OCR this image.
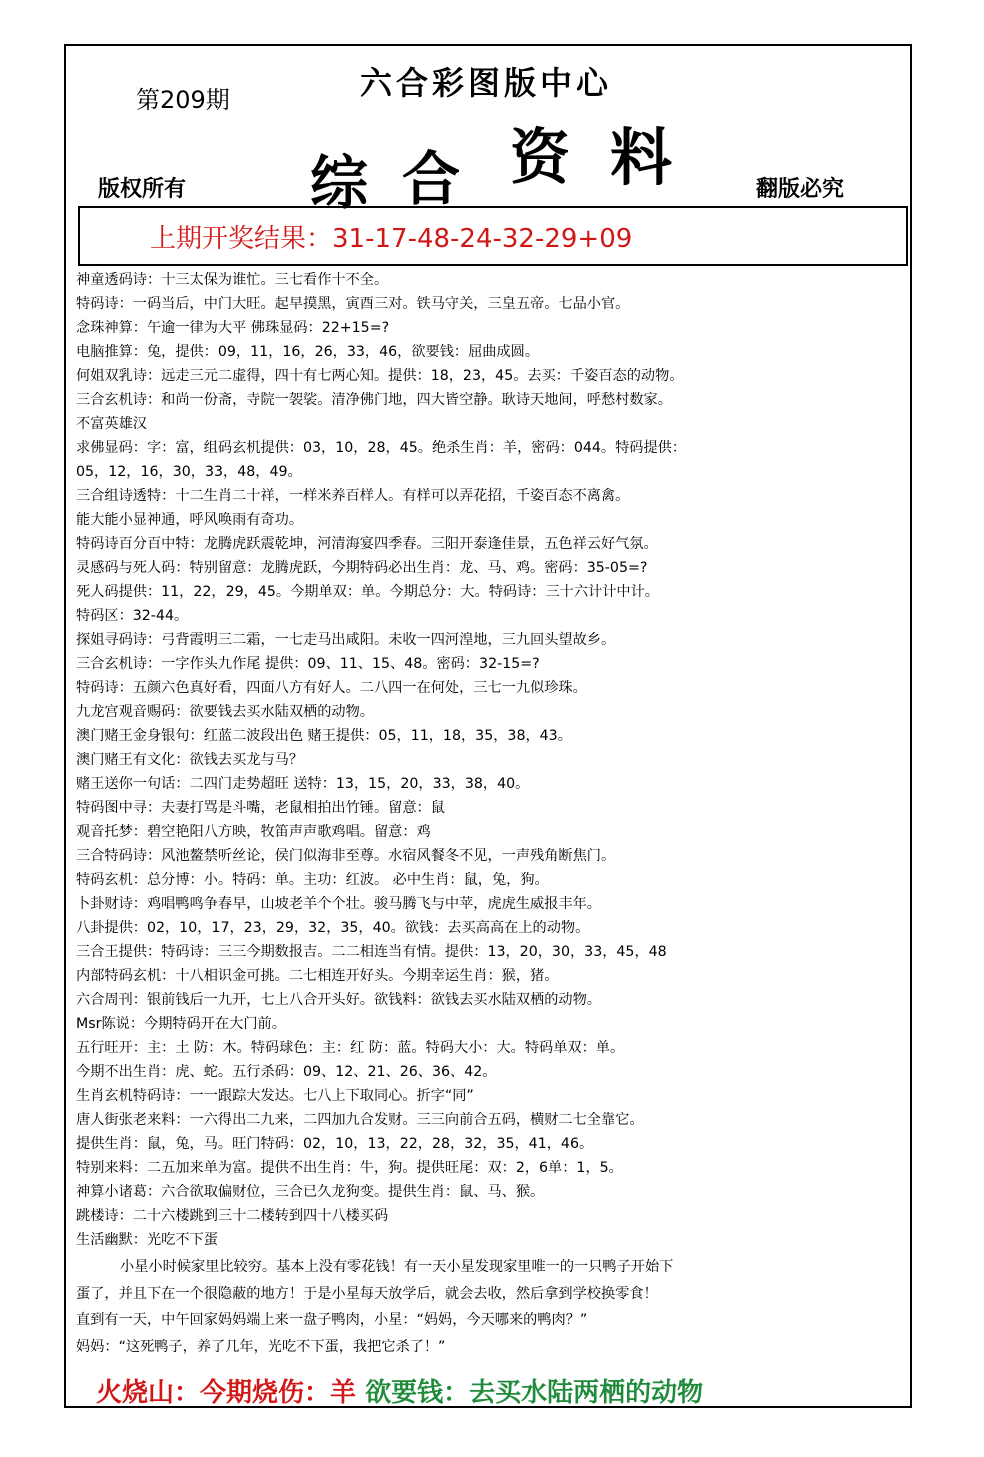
第209期	六合彩图版中心
综 合 资 料
版权所有	翻版必究
上期开奖结果：31-17-48-24-32-29+09
神童透码诗：十三太保为谁忙。三七看作十不全。
特码诗：一码当后，中门大旺。起早摸黑，寅酉三对。铁马守关，三皇五帝。七品小官。
念珠神算：午逾一律为大平 佛珠显码：22+15=?
电脑推算：兔，提供：09，11，16，26，33，46，欲要钱：屈曲成圆。
何姐双乳诗：远走三元二虚得，四十有七两心知。提供：18，23，45。去买：千姿百态的动物。
三合玄机诗：和尚一份斋，寺院一袈裟。清净佛门地，四大皆空静。耿诗天地间，呼愁村数家。
不富英雄汉
求佛显码：字：富，组码玄机提供：03，10，28，45。绝杀生肖：羊，密码：044。特码提供：
05，12，16，30，33，48，49。
三合组诗透特：十二生肖二十祥，一样米养百样人。有样可以弄花招，千姿百态不离禽。
能大能小显神通，呼风唤雨有奇功。
特码诗百分百中特：龙腾虎跃震乾坤，河清海宴四季春。三阳开泰逢佳景，五色祥云好气氛。
灵感码与死人码：特别留意：龙腾虎跃，今期特码必出生肖：龙、马、鸡。密码：35-05=?
死人码提供：11，22，29，45。今期单双：单。今期总分：大。特码诗：三十六计计中计。
特码区：32-44。
探姐寻码诗：弓背霞明三二霜，一七走马出咸阳。未收一四河湟地，三九回头望故乡。
三合玄机诗：一字作头九作尾 提供：09、11、15、48。密码：32-15=?
特码诗：五颜六色真好看，四面八方有好人。二八四一在何处，三七一九似珍珠。
九龙宫观音赐码：欲要钱去买水陆双栖的动物。
澳门赌王金身银句：红蓝二波段出色 赌王提供：05，11，18，35，38，43。
澳门赌王有文化：欲钱去买龙与马？
赌王送你一句话：二四门走势超旺 送特：13，15，20，33，38，40。
特码图中寻：夫妻打骂是斗嘴，老鼠相拍出竹锤。留意：鼠
观音托梦：碧空艳阳八方映，牧笛声声歌鸡唱。留意：鸡
三合特码诗：风池鳌禁听丝论，侯门似海非至尊。水宿风餐冬不见，一声残角断焦门。
特码玄机：总分博：小。特码：单。主功：红波。 必中生肖：鼠，兔，狗。
卜卦财诗：鸡唱鸭鸣争春早，山坡老羊个个壮。骏马腾飞与中苹，虎虎生威报丰年。
八卦提供：02，10，17，23，29，32，35，40。欲钱：去买高高在上的动物。
三合王提供：特码诗：三三今期数报吉。二二相连当有情。提供：13，20，30，33，45，48
内部特码玄机：十八相识金可挑。二七相连开好头。今期幸运生肖：猴，猪。
六合周刊：银前钱后一九开，七上八合开头好。欲钱料：欲钱去买水陆双栖的动物。
Msr陈说：今期特码开在大门前。
五行旺开：主：土 防：木。特码球色：主：红 防：蓝。特码大小：大。特码单双：单。
今期不出生肖：虎、蛇。五行杀码：09、12、21、26、36、42。
生肖玄机特码诗：一一跟踪大发达。七八上下取同心。折字“同”
唐人街张老来料：一六得出二九来，二四加九合发财。三三向前合五码，横财二七全靠它。
提供生肖：鼠，兔，马。旺门特码：02，10，13，22，28，32，35，41，46。
特别来料：二五加来单为富。提供不出生肖：牛，狗。提供旺尾：双：2，6单：1，5。
神算小诸葛：六合欲取偏财位，三合已久龙狗变。提供生肖：鼠、马、猴。
跳楼诗：二十六楼跳到三十二楼转到四十八楼买码
生活幽默：光吃不下蛋
小星小时候家里比较穷。基本上没有零花钱！有一天小星发现家里唯一的一只鸭子开始下
蛋了，并且下在一个很隐蔽的地方！于是小星每天放学后，就会去收，然后拿到学校换零食！
直到有一天，中午回家妈妈端上来一盘子鸭肉，小星：“妈妈，今天哪来的鸭肉？”
妈妈：“这死鸭子，养了几年，光吃不下蛋，我把它杀了！”
火烧山：今期烧伤：羊 欲要钱：去买水陆两栖的动物
